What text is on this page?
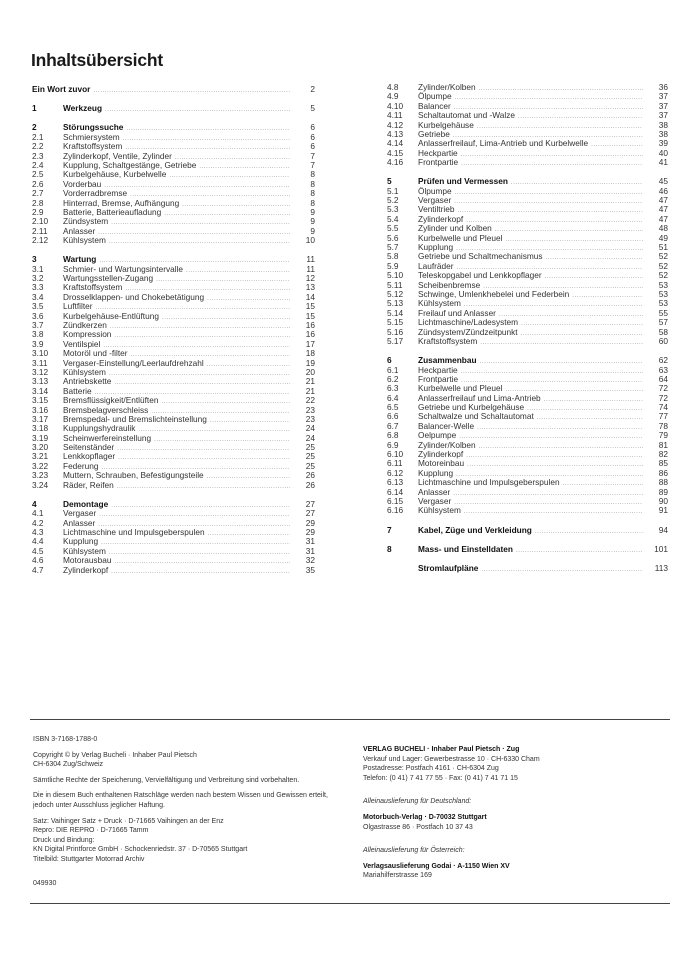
Inhaltsübersicht
Ein Wort zuvor .....	2
1	Werkzeug .....	5
2	Störungssuche .....	6
2.1	Schmiersystem .....	6
2.2	Kraftstoffsystem .....	6
2.3	Zylinderkopf, Ventile, Zylinder .....	7
2.4	Kupplung, Schaltgestänge, Getriebe .....	7
2.5	Kurbelgehäuse, Kurbelwelle .....	8
2.6	Vorderbau .....	8
2.7	Vorderradbremse .....	8
2.8	Hinterrad, Bremse, Aufhängung .....	8
2.9	Batterie, Batterieaufladung .....	9
2.10	Zündsystem .....	9
2.11	Anlasser .....	9
2.12	Kühlsystem .....	10
3	Wartung .....	11
3.1	Schmier- und Wartungsintervalle .....	11
3.2	Wartungsstellen-Zugang .....	12
3.3	Kraftstoffsystem .....	13
3.4	Drosselklappen- und Chokebetätigung .....	14
3.5	Luftfilter .....	15
3.6	Kurbelgehäuse-Entlüftung .....	15
3.7	Zündkerzen .....	16
3.8	Kompression .....	16
3.9	Ventilspiel .....	17
3.10	Motoröl und -filter .....	18
3.11	Vergaser-Einstellung/Leerlaufdrehzahl .....	19
3.12	Kühlsystem .....	20
3.13	Antriebskette .....	21
3.14	Batterie .....	21
3.15	Bremsflüssigkeit/Entlüften .....	22
3.16	Bremsbelagverschleiss .....	23
3.17	Bremspedal- und Bremslichteinstellung .....	23
3.18	Kupplungshydraulik .....	24
3.19	Scheinwerfereinstellung .....	24
3.20	Seitenständer .....	25
3.21	Lenkkopflager .....	25
3.22	Federung .....	25
3.23	Muttern, Schrauben, Befestigungsteile .....	26
3.24	Räder, Reifen .....	26
4	Demontage .....	27
4.1	Vergaser .....	27
4.2	Anlasser .....	29
4.3	Lichtmaschine und Impulsgeberspulen .....	29
4.4	Kupplung .....	31
4.5	Kühlsystem .....	31
4.6	Motorausbau .....	32
4.7	Zylinderkopf .....	35
4.8	Zylinder/Kolben .....	36
4.9	Ölpumpe .....	37
4.10	Balancer .....	37
4.11	Schaltautomat und -Walze .....	37
4.12	Kurbelgehäuse .....	38
4.13	Getriebe .....	38
4.14	Anlasserfreilauf, Lima-Antrieb und Kurbelwelle .....	39
4.15	Heckpartie .....	40
4.16	Frontpartie .....	41
5	Prüfen und Vermessen .....	45
5.1	Ölpumpe .....	46
5.2	Vergaser .....	47
5.3	Ventiltrieb .....	47
5.4	Zylinderkopf .....	47
5.5	Zylinder und Kolben .....	48
5.6	Kurbelwelle und Pleuel .....	49
5.7	Kupplung .....	51
5.8	Getriebe und Schaltmechanismus .....	52
5.9	Laufräder .....	52
5.10	Teleskopgabel und Lenkkopflager .....	52
5.11	Scheibenbremse .....	53
5.12	Schwinge, Umlenkhebelei und Federbein .....	53
5.13	Kühlsystem .....	53
5.14	Freilauf und Anlasser .....	55
5.15	Lichtmaschine/Ladesystem .....	57
5.16	Zündsystem/Zündzeitpunkt .....	58
5.17	Kraftstoffsystem .....	60
6	Zusammenbau .....	62
6.1	Heckpartie .....	63
6.2	Frontpartie .....	64
6.3	Kurbelwelle und Pleuel .....	72
6.4	Anlasserfreilauf und Lima-Antrieb .....	72
6.5	Getriebe und Kurbelgehäuse .....	74
6.6	Schaltwalze und Schaltautomat .....	77
6.7	Balancer-Welle .....	78
6.8	Oelpumpe .....	79
6.9	Zylinder/Kolben .....	81
6.10	Zylinderkopf .....	82
6.11	Motoreinbau .....	85
6.12	Kupplung .....	86
6.13	Lichtmaschine und Impulsgeberspulen .....	88
6.14	Anlasser .....	89
6.15	Vergaser .....	90
6.16	Kühlsystem .....	91
7	Kabel, Züge und Verkleidung .....	94
8	Mass- und Einstelldaten .....	101
Stromlaufpläne .....	113

ISBN 3-7168-1788-0

Copyright © by Verlag Bucheli · Inhaber Paul Pietsch
CH-6304 Zug/Schweiz

Sämtliche Rechte der Speicherung, Vervielfältigung und Verbreitung sind vorbehalten.

Die in diesem Buch enthaltenen Ratschläge werden nach bestem Wissen und Gewissen erteilt,
jedoch unter Ausschluss jeglicher Haftung.

Satz: Vaihinger Satz + Druck · D-71665 Vaihingen an der Enz
Repro: DIE REPRO · D-71665 Tamm
Druck und Bindung:
KN Digital Printforce GmbH · Schockenriedstr. 37 · D-70565 Stuttgart
Titelbild: Stuttgarter Motorrad Archiv

049930

VERLAG BUCHELI · Inhaber Paul Pietsch · Zug
Verkauf und Lager: Gewerbestrasse 10 · CH-6330 Cham
Postadresse: Postfach 4161 · CH-6304 Zug
Telefon: (0 41) 7 41 77 55 · Fax: (0 41) 7 41 71 15

Alleinauslieferung für Deutschland:

Motorbuch-Verlag · D-70032 Stuttgart
Olgastrasse 86 · Postfach 10 37 43

Alleinauslieferung für Österreich:

Verlagsauslieferung Godai · A-1150 Wien XV
Mariahilferstrasse 169
